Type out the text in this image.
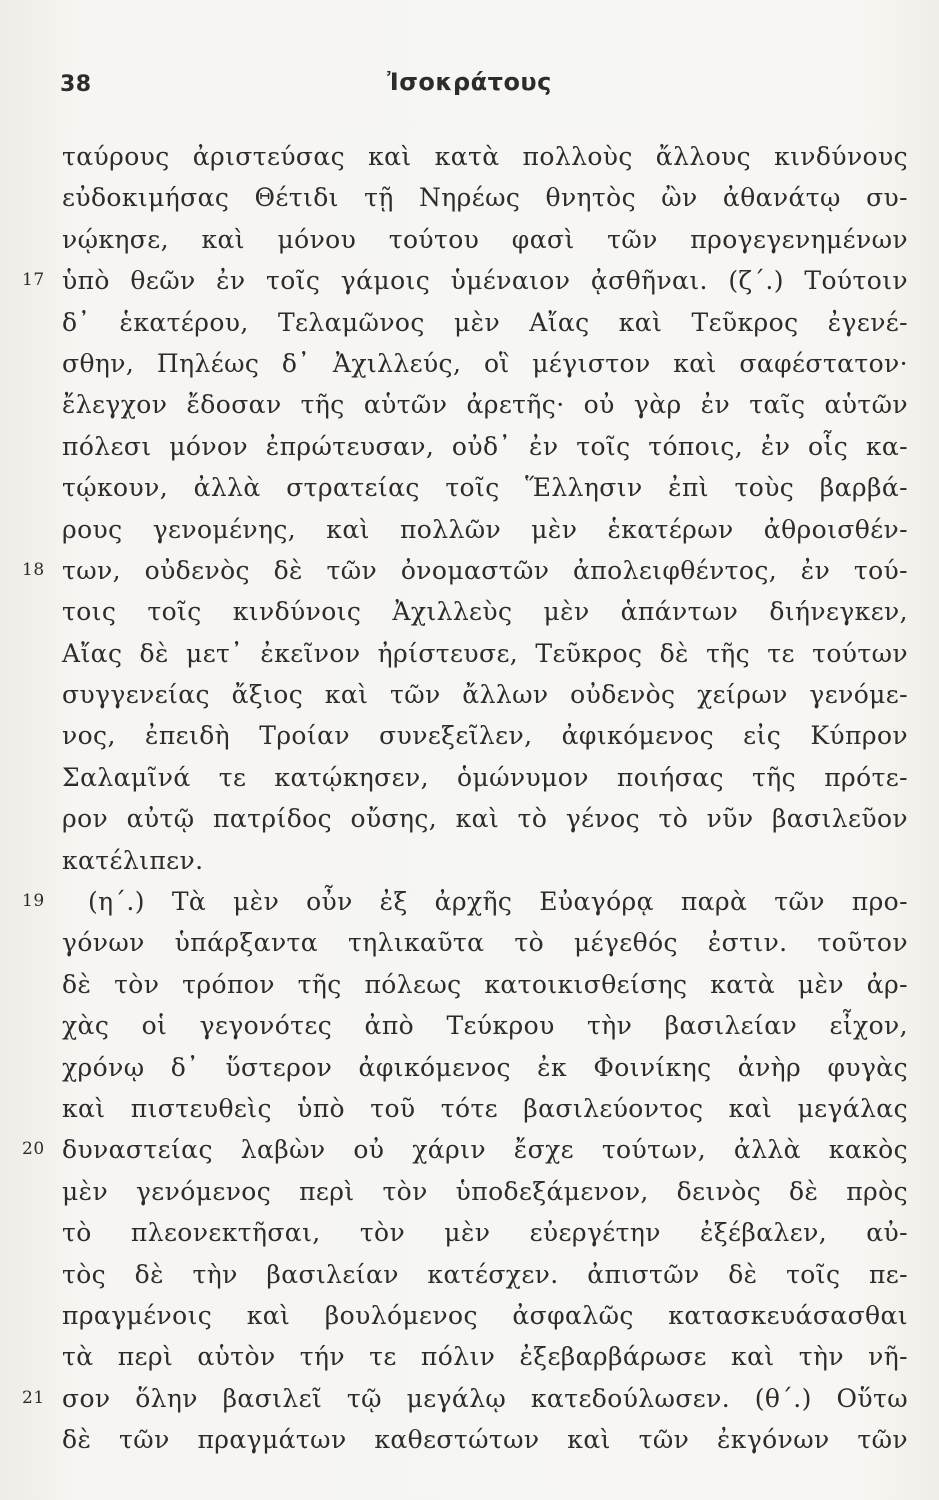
38	Ἰσοκράτους
ταύρους ἀριστεύσας καὶ κατὰ πολλοὺς ἄλλους κινδύνους
εὐδοκιμήσας Θέτιδι τῇ Νηρέως θνητὸς ὢν ἀθανάτῳ συ-
νῴκησε, καὶ μόνου τούτου φασὶ τῶν προγεγενημένων
17 ὑπὸ θεῶν ἐν τοῖς γάμοις ὑμέναιον ᾀσθῆναι. (ζ΄.) Τούτοιν
δ᾽ ἑκατέρου, Τελαμῶνος μὲν Αἴας καὶ Τεῦκρος ἐγενέ-
σθην, Πηλέως δ᾽ Ἀχιλλεύς, οἳ μέγιστον καὶ σαφέστατον·
ἔλεγχον ἔδοσαν τῆς αὑτῶν ἀρετῆς· οὐ γὰρ ἐν ταῖς αὑτῶν
πόλεσι μόνον ἐπρώτευσαν, οὐδ᾽ ἐν τοῖς τόποις, ἐν οἷς κα-
τῴκουν, ἀλλὰ στρατείας τοῖς Ἕλλησιν ἐπὶ τοὺς βαρβά-
ρους γενομένης, καὶ πολλῶν μὲν ἑκατέρων ἀθροισθέν-
18 των, οὐδενὸς δὲ τῶν ὀνομαστῶν ἀπολειφθέντος, ἐν τού-
τοις τοῖς κινδύνοις Ἀχιλλεὺς μὲν ἁπάντων διήνεγκεν,
Αἴας δὲ μετ᾽ ἐκεῖνον ἠρίστευσε, Τεῦκρος δὲ τῆς τε τούτων
συγγενείας ἄξιος καὶ τῶν ἄλλων οὐδενὸς χείρων γενόμε-
νος, ἐπειδὴ Τροίαν συνεξεῖλεν, ἀφικόμενος εἰς Κύπρον
Σαλαμῖνά τε κατῴκησεν, ὁμώνυμον ποιήσας τῆς πρότε-
ρον αὐτῷ πατρίδος οὔσης, καὶ τὸ γένος τὸ νῦν βασιλεῦον
κατέλιπεν.
19	(η΄.) Τὰ μὲν οὖν ἐξ ἀρχῆς Εὐαγόρᾳ παρὰ τῶν προ-
γόνων ὑπάρξαντα τηλικαῦτα τὸ μέγεθός ἐστιν. τοῦτον
δὲ τὸν τρόπον τῆς πόλεως κατοικισθείσης κατὰ μὲν ἀρ-
χὰς οἱ γεγονότες ἀπὸ Τεύκρου τὴν βασιλείαν εἶχον,
χρόνῳ δ᾽ ὕστερον ἀφικόμενος ἐκ Φοινίκης ἀνὴρ φυγὰς
καὶ πιστευθεὶς ὑπὸ τοῦ τότε βασιλεύοντος καὶ μεγάλας
20 δυναστείας λαβὼν οὐ χάριν ἔσχε τούτων, ἀλλὰ κακὸς
μὲν γενόμενος περὶ τὸν ὑποδεξάμενον, δεινὸς δὲ πρὸς
τὸ πλεονεκτῆσαι, τὸν μὲν εὐεργέτην ἐξέβαλεν, αὐ-
τὸς δὲ τὴν βασιλείαν κατέσχεν. ἀπιστῶν δὲ τοῖς πε-
πραγμένοις καὶ βουλόμενος ἀσφαλῶς κατασκευάσασθαι
τὰ περὶ αὑτὸν τήν τε πόλιν ἐξεβαρβάρωσε καὶ τὴν νῆ-
21 σον ὅλην βασιλεῖ τῷ μεγάλῳ κατεδούλωσεν. (θ΄.) Οὕτω
δὲ τῶν πραγμάτων καθεστώτων καὶ τῶν ἐκγόνων τῶν
